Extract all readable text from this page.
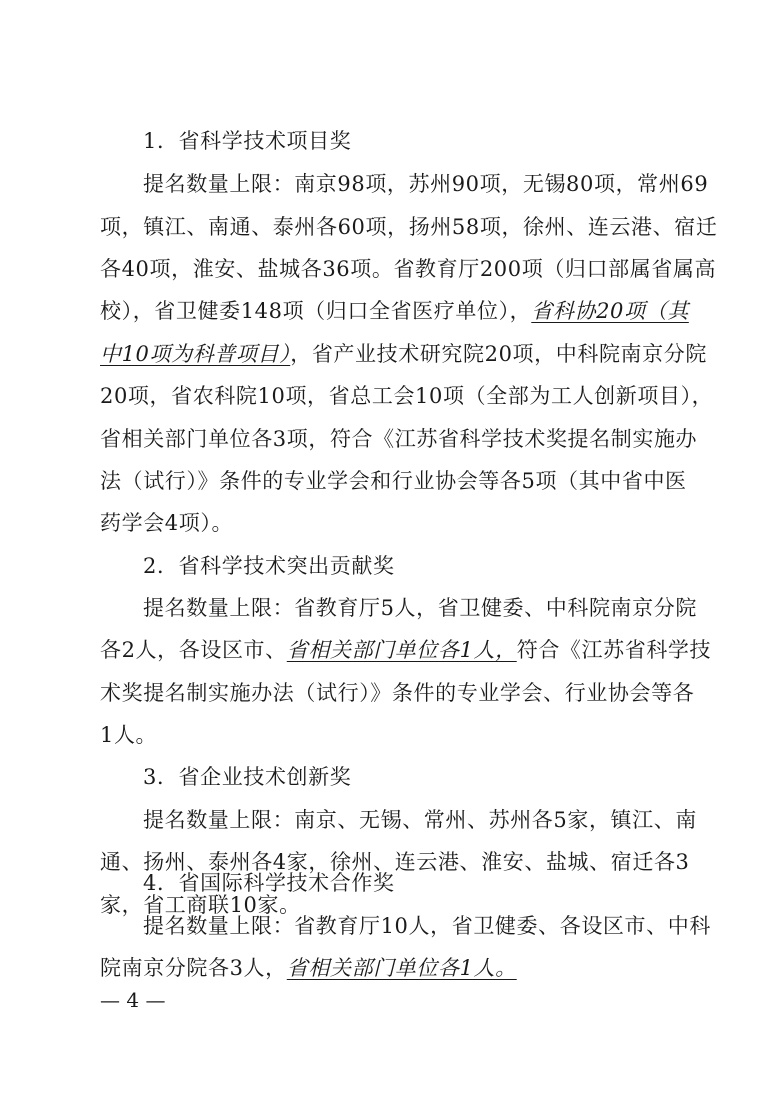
1．省科学技术项目奖
提名数量上限：南京98项，苏州90项，无锡80项，常州69
项，镇江、南通、泰州各60项，扬州58项，徐州、连云港、宿迁
各40项，淮安、盐城各36项。省教育厅200项（归口部属省属高
校），省卫健委148项（归口全省医疗单位），省科协20项（其
中10项为科普项目），省产业技术研究院20项，中科院南京分院
20项，省农科院10项，省总工会10项（全部为工人创新项目），
省相关部门单位各3项，符合《江苏省科学技术奖提名制实施办
法（试行）》条件的专业学会和行业协会等各5项（其中省中医
药学会4项）。
2．省科学技术突出贡献奖
提名数量上限：省教育厅5人，省卫健委、中科院南京分院
各2人，各设区市、省相关部门单位各1人，符合《江苏省科学技
术奖提名制实施办法（试行）》条件的专业学会、行业协会等各
1人。
3．省企业技术创新奖
提名数量上限：南京、无锡、常州、苏州各5家，镇江、南
通、扬州、泰州各4家，徐州、连云港、淮安、盐城、宿迁各3
家，省工商联10家。
4．省国际科学技术合作奖
提名数量上限：省教育厅10人，省卫健委、各设区市、中科
院南京分院各3人，省相关部门单位各1人。
— 4 —
